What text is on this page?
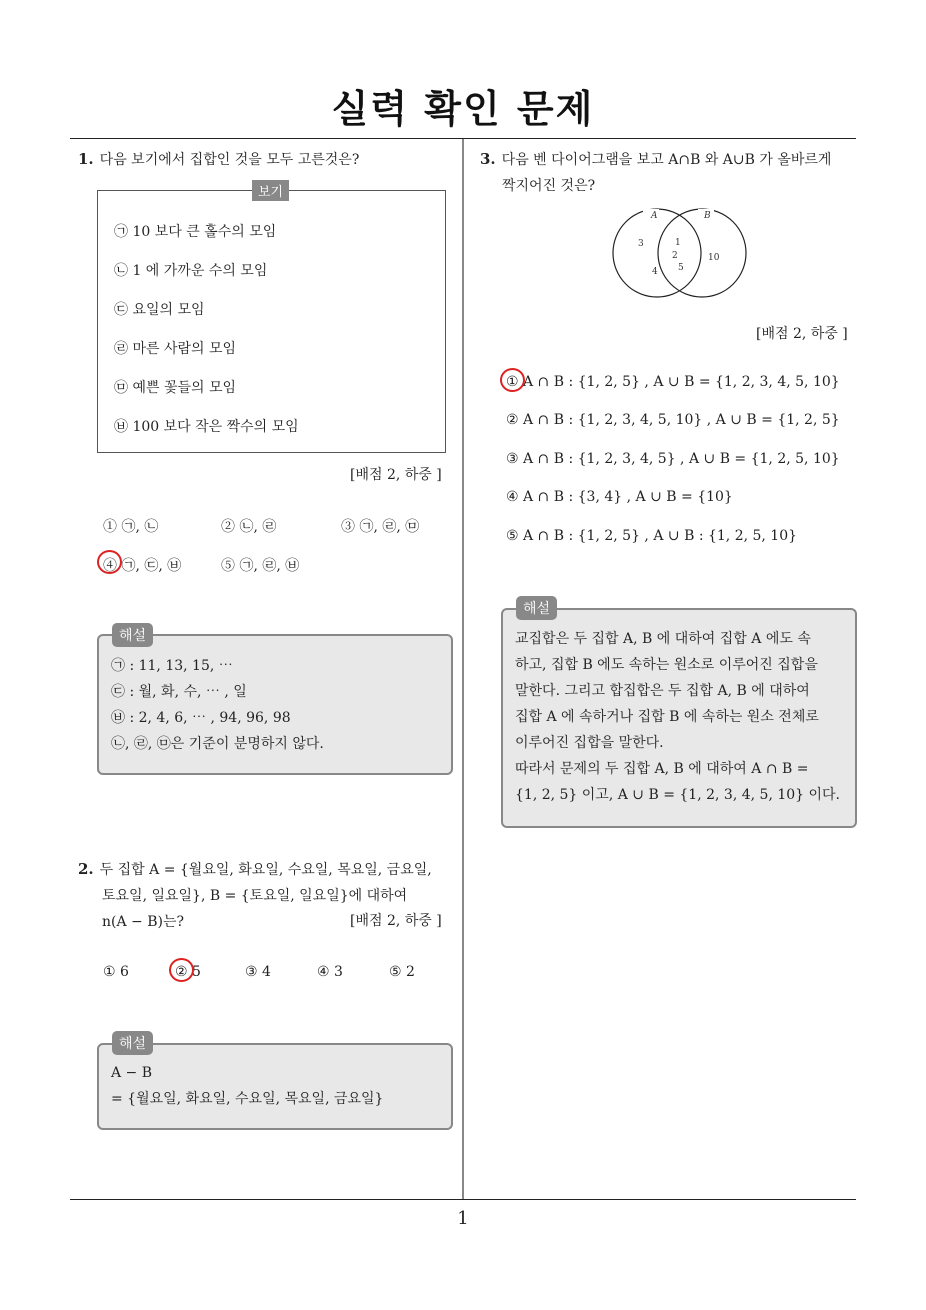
실력 확인 문제
1. 다음 보기에서 집합인 것을 모두 고른것은?
㉠ 10 보다 큰 홀수의 모임
㉡ 1 에 가까운 수의 모임
㉢ 요일의 모임
㉣ 마른 사람의 모임
㉤ 예쁜 꽃들의 모임
㉥ 100 보다 작은 짝수의 모임
보기
[배점 2, 하중 ]
① ㉠, ㉡	② ㉡, ㉣	③ ㉠, ㉣, ㉤
④ ㉠, ㉢, ㉥	⑤ ㉠, ㉣, ㉥
㉠ : 11, 13, 15, ⋯
㉢ : 월, 화, 수, ⋯ , 일
㉥ : 2, 4, 6, ⋯ , 94, 96, 98
㉡, ㉣, ㉤은 기준이 분명하지 않다.
해설
2. 두 집합 A = {월요일, 화요일, 수요일, 목요일, 금요일,
토요일, 일요일}, B = {토요일, 일요일}에 대하여
n(A − B)는?	[배점 2, 하중 ]
① 6	② 5	③ 4	④ 3	⑤ 2
A − B
= {월요일, 화요일, 수요일, 목요일, 금요일}
해설
3. 다음 벤 다이어그램을 보고 A∩B 와 A∪B 가 올바르게
짝지어진 것은?
A	B
3
4
1
2
5
10
[배점 2, 하중 ]
① A ∩ B : {1, 2, 5} , A ∪ B = {1, 2, 3, 4, 5, 10}
② A ∩ B : {1, 2, 3, 4, 5, 10} , A ∪ B = {1, 2, 5}
③ A ∩ B : {1, 2, 3, 4, 5} , A ∪ B = {1, 2, 5, 10}
④ A ∩ B : {3, 4} , A ∪ B = {10}
⑤ A ∩ B : {1, 2, 5} , A ∪ B : {1, 2, 5, 10}
교집합은 두 집합 A, B 에 대하여 집합 A 에도 속
하고, 집합 B 에도 속하는 원소로 이루어진 집합을
말한다. 그리고 합집합은 두 집합 A, B 에 대하여
집합 A 에 속하거나 집합 B 에 속하는 원소 전체로
이루어진 집합을 말한다.
따라서 문제의 두 집합 A, B 에 대하여 A ∩ B =
{1, 2, 5} 이고, A ∪ B = {1, 2, 3, 4, 5, 10} 이다.
해설
1
